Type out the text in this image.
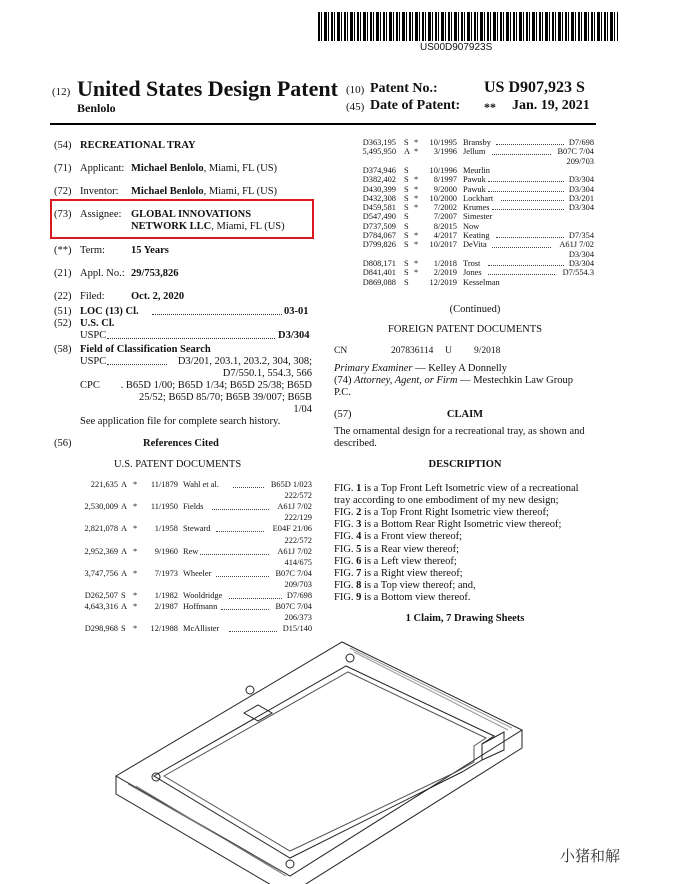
US00D907923S
(12) United States Design Patent
Benlolo
(10) Patent No.:	US D907,923 S
(45) Date of Patent: ** Jan. 19, 2021
(54) RECREATIONAL TRAY
(71) Applicant: Michael Benlolo, Miami, FL (US)
(72) Inventor: Michael Benlolo, Miami, FL (US)
(73) Assignee: GLOBAL INNOVATIONS
NETWORK LLC, Miami, FL (US)
(**) Term: 15 Years
(21) Appl. No.: 29/753,826
(22) Filed:	Oct. 2, 2020
(51) LOC (13) Cl.	03-01
(52) U.S. Cl.
USPC	D3/304
(58) Field of Classification Search
USPC	D3/201, 203.1, 203.2, 304, 308;
D7/550.1, 554.3, 566
CPC	. B65D 1/00; B65D 1/34; B65D 25/38; B65D
25/52; B65D 85/70; B65B 39/007; B65B
1/04
See application file for complete search history.
(56)	References Cited
U.S. PATENT DOCUMENTS
221,635 A *	11/1879 Wahl et al.	B65D 1/023
222/572
2,530,009 A *	11/1950 Fields	A61J 7/02
222/129
2,821,078 A *	1/1958 Steward	E04F 21/06
222/572
2,952,369 A *	9/1960 Rew	A61J 7/02
414/675
3,747,756 A *	7/1973 Wheeler	B07C 7/04
209/703
D262,507 S *	1/1982 Wooldridge	D7/698
4,643,316 A *	2/1987 Hoffmann	B07C 7/04
206/373
D298,968 S *	12/1988 McAllister	D15/140
D363,195 S *	10/1995 Bransby	D7/698
5,495,950 A *	3/1996 Jellum	B07C 7/04
209/703
D374,946 S	10/1996 Meurlin
D382,402 S *	8/1997 Pawuk	D3/304
D430,399 S *	9/2000 Pawuk	D3/304
D432,308 S *	10/2000 Lockhart	D3/201
D459,581 S *	7/2002 Krumes	D3/304
D547,490 S	7/2007 Simester
D737,509 S	8/2015 Now
D784,067 S *	4/2017 Keating	D7/354
D799,826 S *	10/2017 DeVita	A61J 7/02
D3/304
D808,171 S *	1/2018 Trost	D3/304
D841,401 S *	2/2019 Jones	D7/554.3
D869,088 S	12/2019 Kesselman
(Continued)
FOREIGN PATENT DOCUMENTS
CN	207836114 U 9/2018
Primary Examiner — Kelley A Donnelly
(74) Attorney, Agent, or Firm — Mestechkin Law Group
P.C.
(57)	CLAIM
The ornamental design for a recreational tray, as shown and
described.
DESCRIPTION
FIG. 1 is a Top Front Left Isometric view of a recreational
tray according to one embodiment of my new design;
FIG. 2 is a Top Front Right Isometric view thereof;
FIG. 3 is a Bottom Rear Right Isometric view thereof;
FIG. 4 is a Front view thereof;
FIG. 5 is a Rear view thereof;
FIG. 6 is a Left view thereof;
FIG. 7 is a Right view thereof;
FIG. 8 is a Top view thereof; and,
FIG. 9 is a Bottom view thereof.
1 Claim, 7 Drawing Sheets
小猪和解
